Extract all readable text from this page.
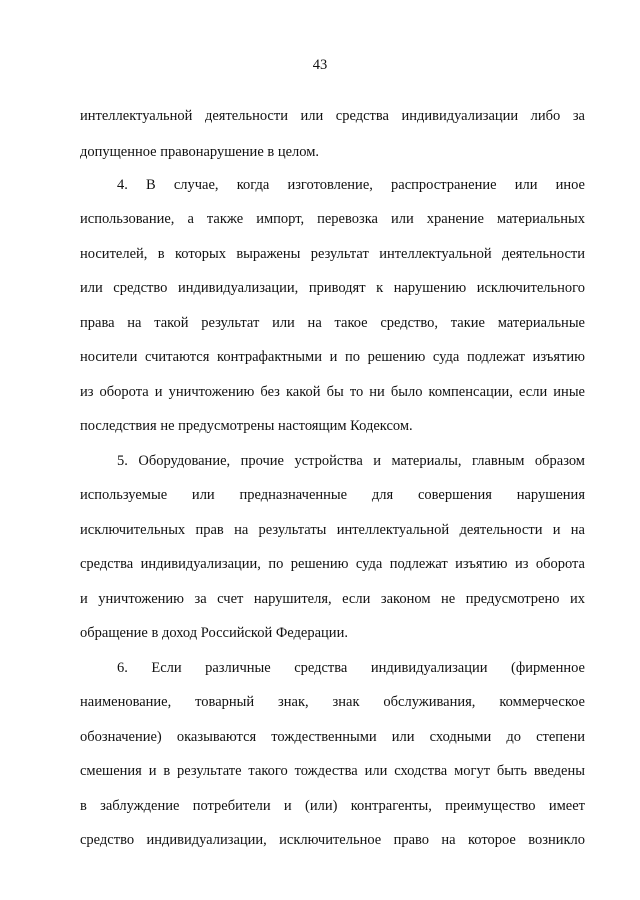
43
интеллектуальной деятельности или средства индивидуализации либо за
допущенное правонарушение в целом.
4. В случае, когда изготовление, распространение или иное
использование, а также импорт, перевозка или хранение материальных
носителей, в которых выражены результат интеллектуальной деятельности
или средство индивидуализации, приводят к нарушению исключительного
права на такой результат или на такое средство, такие материальные
носители считаются контрафактными и по решению суда подлежат изъятию
из оборота и уничтожению без какой бы то ни было компенсации, если иные
последствия не предусмотрены настоящим Кодексом.
5. Оборудование, прочие устройства и материалы, главным образом
используемые или предназначенные для совершения нарушения
исключительных прав на результаты интеллектуальной деятельности и на
средства индивидуализации, по решению суда подлежат изъятию из оборота
и уничтожению за счет нарушителя, если законом не предусмотрено их
обращение в доход Российской Федерации.
6. Если различные средства индивидуализации (фирменное
наименование, товарный знак, знак обслуживания, коммерческое
обозначение) оказываются тождественными или сходными до степени
смешения и в результате такого тождества или сходства могут быть введены
в заблуждение потребители и (или) контрагенты, преимущество имеет
средство индивидуализации, исключительное право на которое возникло
